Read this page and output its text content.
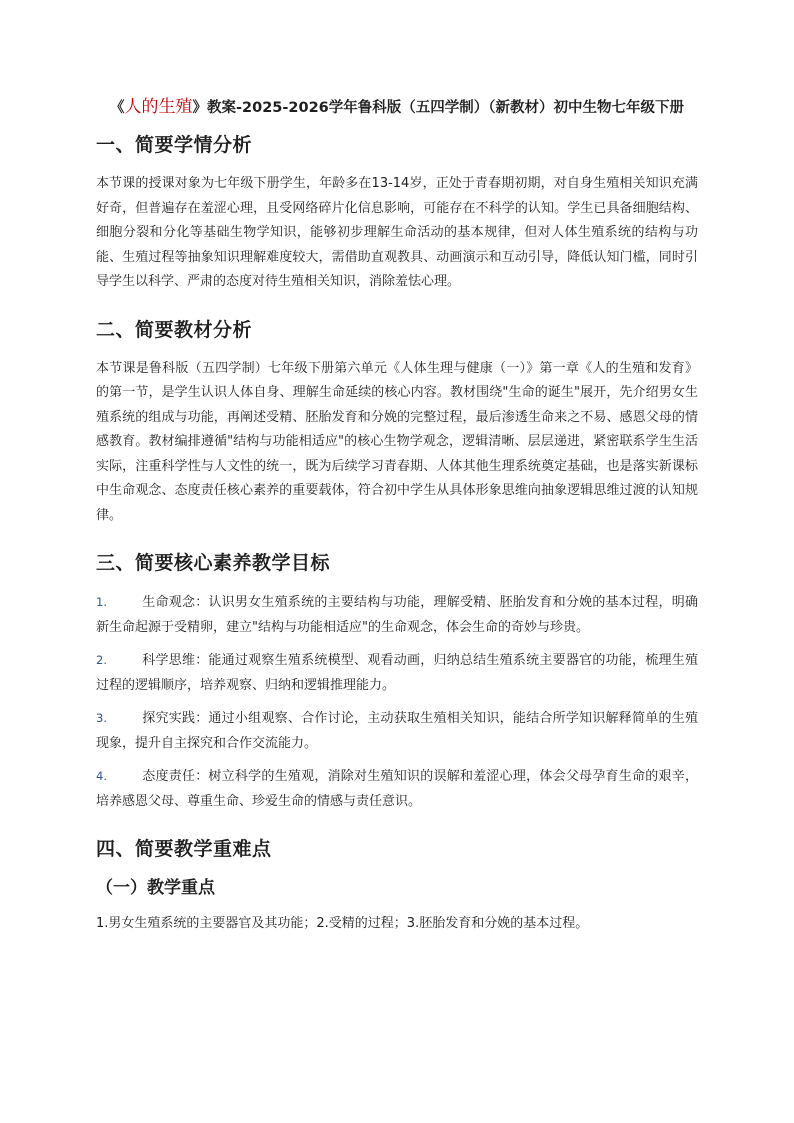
《人的生殖》教案-2025-2026学年鲁科版（五四学制）（新教材）初中生物七年级下册
一、简要学情分析

本节课的授课对象为七年级下册学生，年龄多在13-14岁，正处于青春期初期，对自身生殖相关知识充满好奇，但普遍存在羞涩心理，且受网络碎片化信息影响，可能存在不科学的认知。学生已具备细胞结构、细胞分裂和分化等基础生物学知识，能够初步理解生命活动的基本规律，但对人体生殖系统的结构与功能、生殖过程等抽象知识理解难度较大，需借助直观教具、动画演示和互动引导，降低认知门槛，同时引导学生以科学、严肃的态度对待生殖相关知识，消除羞怯心理。

二、简要教材分析

本节课是鲁科版（五四学制）七年级下册第六单元《人体生理与健康（一）》第一章《人的生殖和发育》的第一节，是学生认识人体自身、理解生命延续的核心内容。教材围绕"生命的诞生"展开，先介绍男女生殖系统的组成与功能，再阐述受精、胚胎发育和分娩的完整过程，最后渗透生命来之不易、感恩父母的情感教育。教材编排遵循"结构与功能相适应"的核心生物学观念，逻辑清晰、层层递进，紧密联系学生生活实际，注重科学性与人文性的统一，既为后续学习青春期、人体其他生理系统奠定基础，也是落实新课标中生命观念、态度责任核心素养的重要载体，符合初中学生从具体形象思维向抽象逻辑思维过渡的认知规律。

三、简要核心素养教学目标
1.	生命观念：认识男女生殖系统的主要结构与功能，理解受精、胚胎发育和分娩的基本过程，明确新生命起源于受精卵，建立"结构与功能相适应"的生命观念，体会生命的奇妙与珍贵。
2.	科学思维：能通过观察生殖系统模型、观看动画，归纳总结生殖系统主要器官的功能，梳理生殖过程的逻辑顺序，培养观察、归纳和逻辑推理能力。
3.	探究实践：通过小组观察、合作讨论，主动获取生殖相关知识，能结合所学知识解释简单的生殖现象，提升自主探究和合作交流能力。
4.	态度责任：树立科学的生殖观，消除对生殖知识的误解和羞涩心理，体会父母孕育生命的艰辛，培养感恩父母、尊重生命、珍爱生命的情感与责任意识。
四、简要教学重难点
（一）教学重点

1.男女生殖系统的主要器官及其功能；2.受精的过程；3.胚胎发育和分娩的基本过程。
